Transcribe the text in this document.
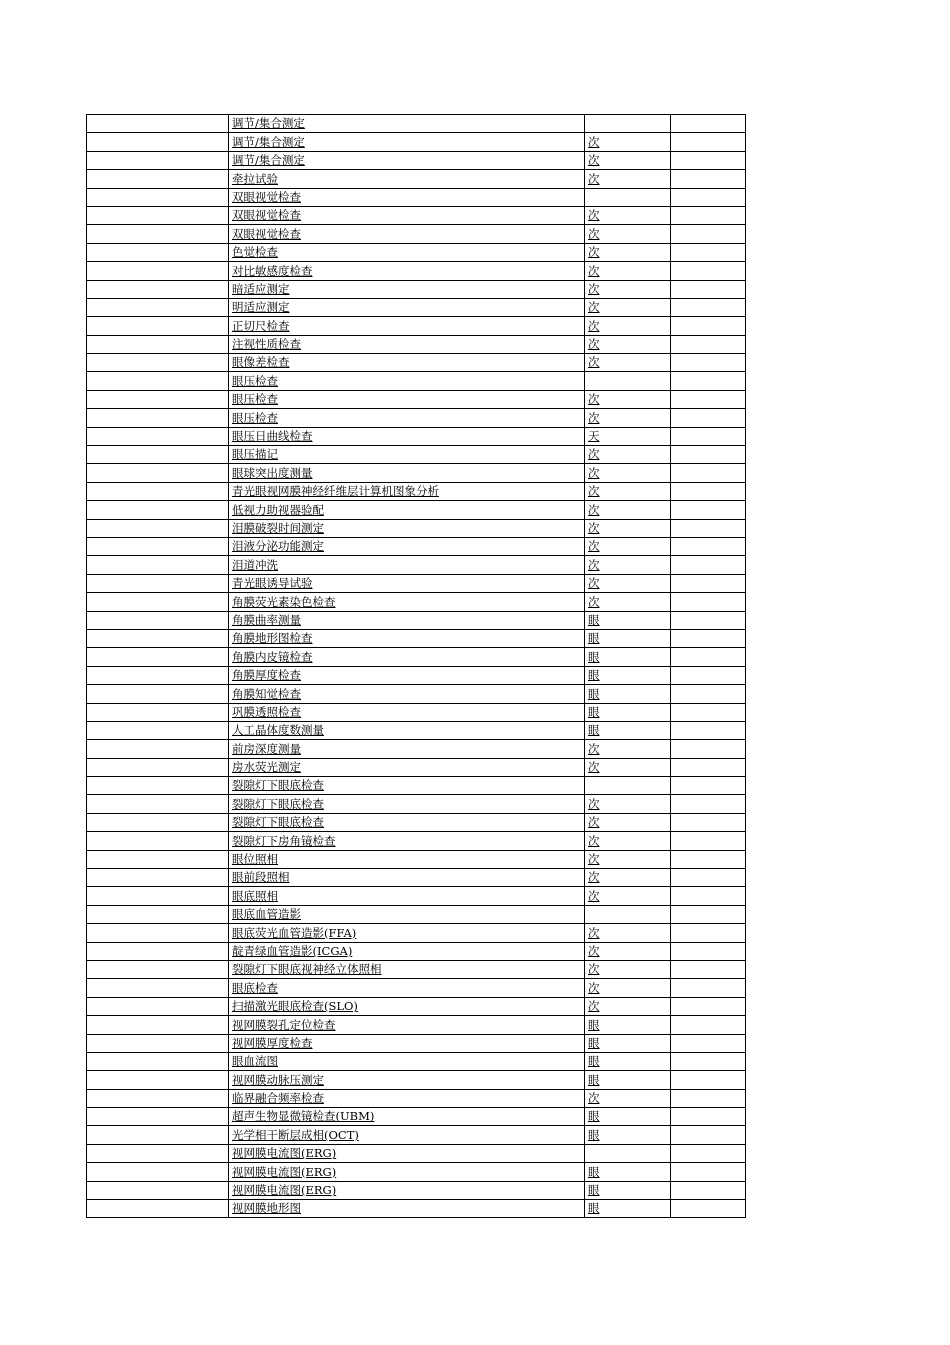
	调节/集合测定		
	调节/集合测定	次	
	调节/集合测定	次	
	牵拉试验	次	
	双眼视觉检查		
	双眼视觉检查	次	
	双眼视觉检查	次	
	色觉检查	次	
	对比敏感度检查	次	
	暗适应测定	次	
	明适应测定	次	
	正切尺检查	次	
	注视性质检查	次	
	眼像差检查	次	
	眼压检查		
	眼压检查	次	
	眼压检查	次	
	眼压日曲线检查	天	
	眼压描记	次	
	眼球突出度测量	次	
	青光眼视网膜神经纤维层计算机图象分析	次	
	低视力助视器验配	次	
	泪膜破裂时间测定	次	
	泪液分泌功能测定	次	
	泪道冲洗	次	
	青光眼诱导试验	次	
	角膜荧光素染色检查	次	
	角膜曲率测量	眼	
	角膜地形图检查	眼	
	角膜内皮镜检查	眼	
	角膜厚度检查	眼	
	角膜知觉检查	眼	
	巩膜透照检查	眼	
	人工晶体度数测量	眼	
	前房深度测量	次	
	房水荧光测定	次	
	裂隙灯下眼底检查		
	裂隙灯下眼底检查	次	
	裂隙灯下眼底检查	次	
	裂隙灯下房角镜检查	次	
	眼位照相	次	
	眼前段照相	次	
	眼底照相	次	
	眼底血管造影		
	眼底荧光血管造影(FFA)	次	
	靛青绿血管造影(ICGA)	次	
	裂隙灯下眼底视神经立体照相	次	
	眼底检查	次	
	扫描激光眼底检查(SLO)	次	
	视网膜裂孔定位检查	眼	
	视网膜厚度检查	眼	
	眼血流图	眼	
	视网膜动脉压测定	眼	
	临界融合频率检查	次	
	超声生物显微镜检查(UBM)	眼	
	光学相干断层成相(OCT)	眼	
	视网膜电流图(ERG)		
	视网膜电流图(ERG)	眼	
	视网膜电流图(ERG)	眼	
	视网膜地形图	眼	
